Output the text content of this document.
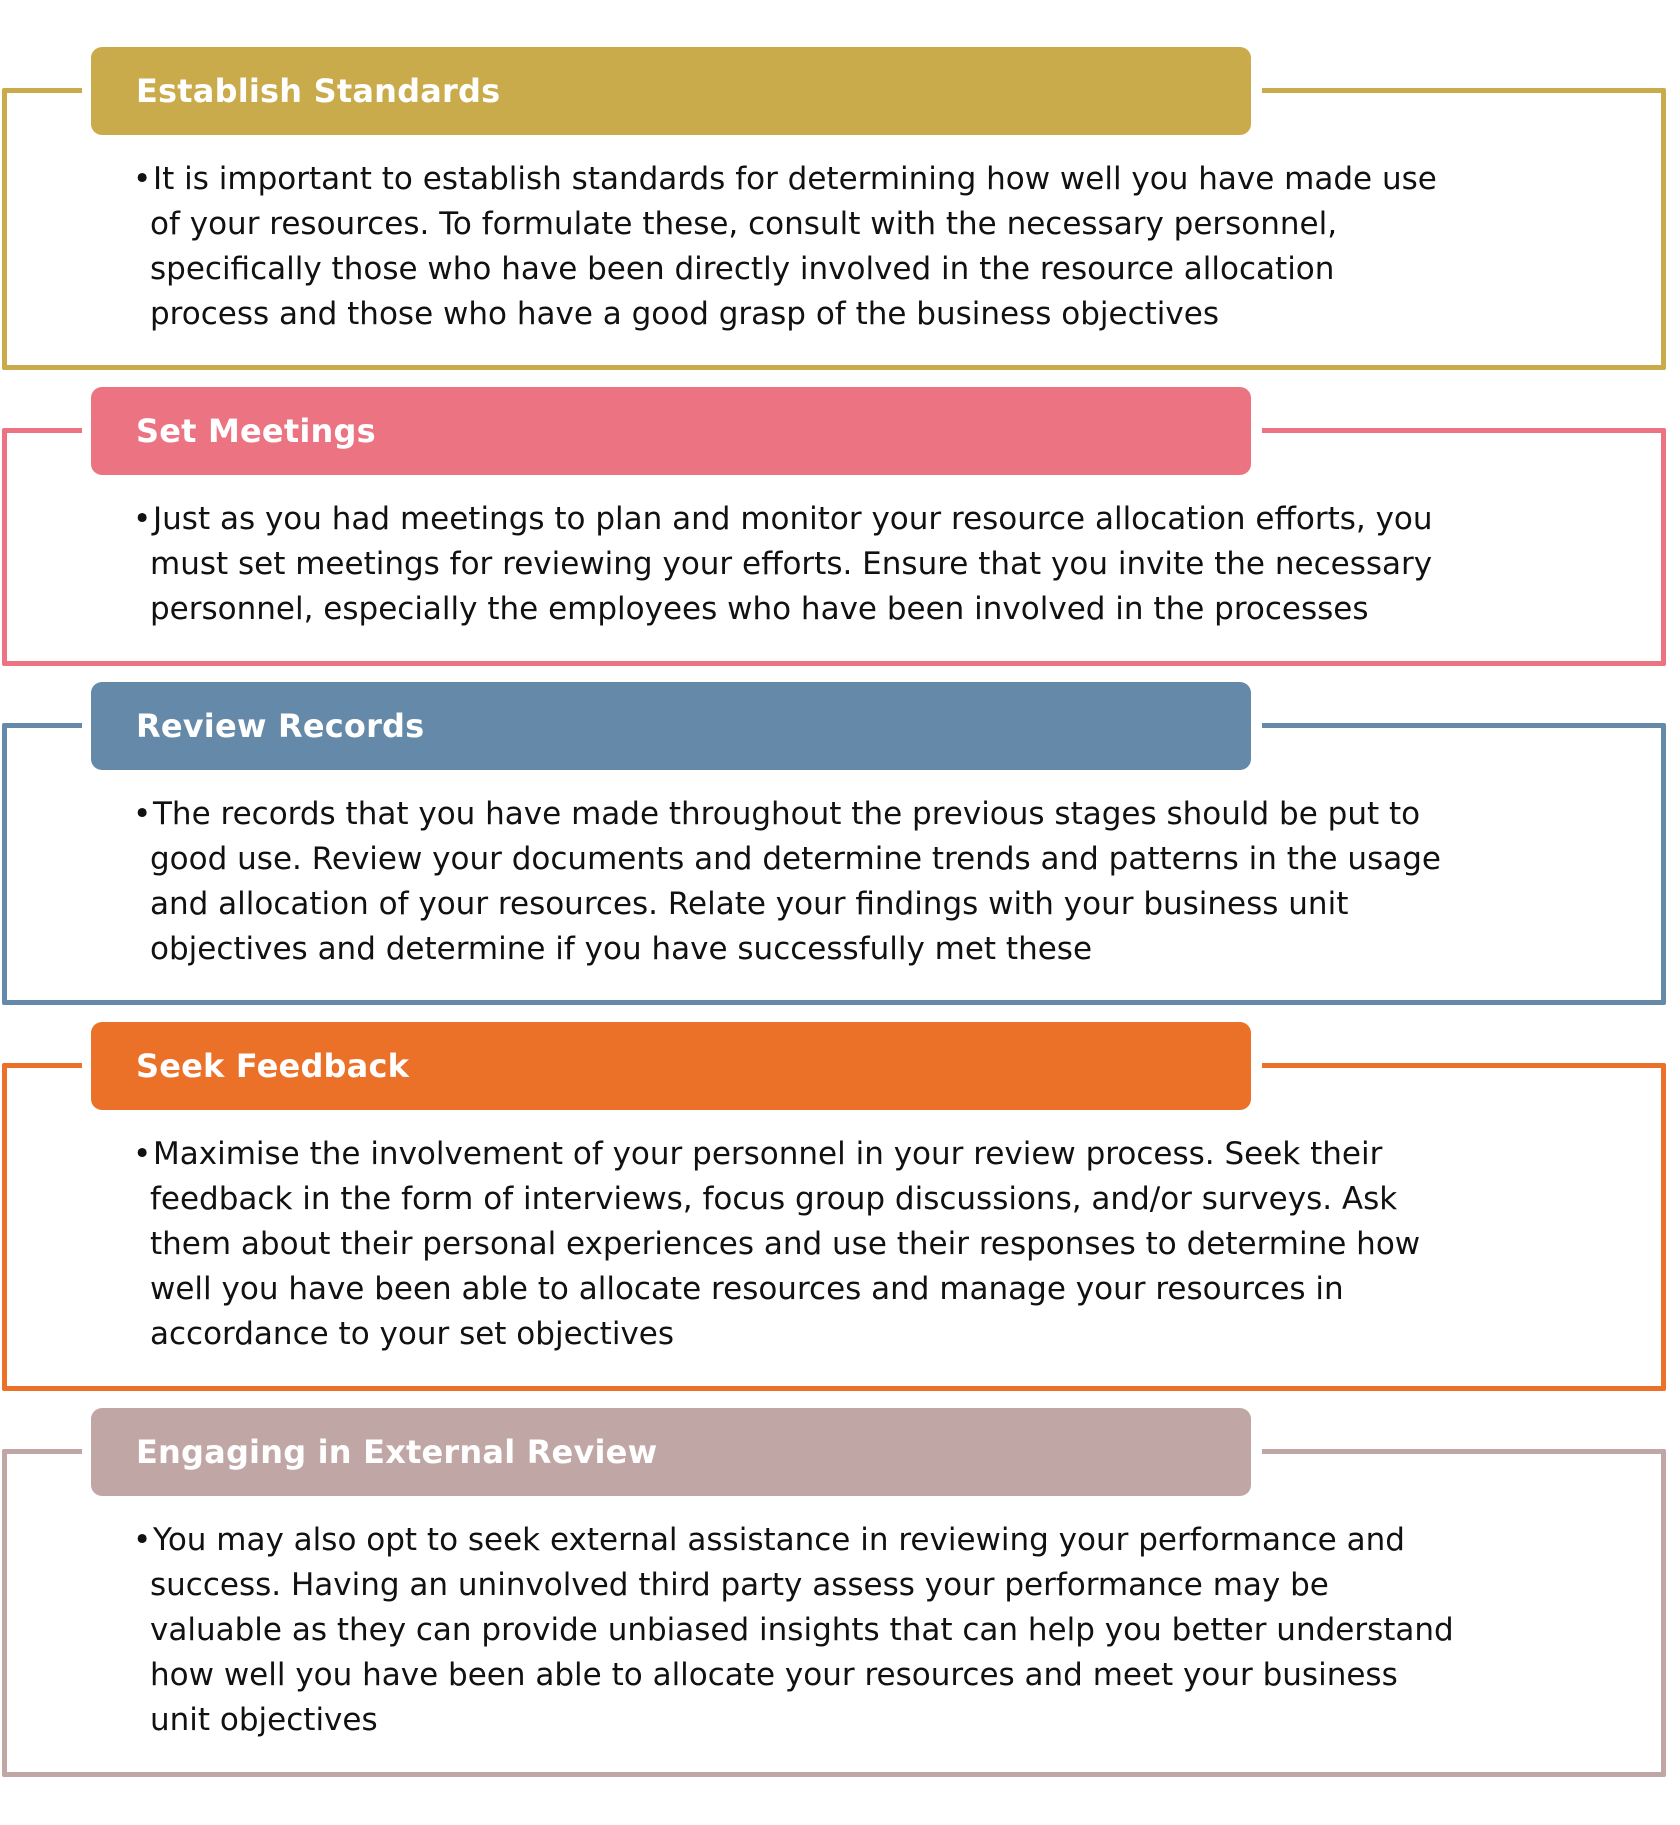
Establish Standards
•It is important to establish standards for determining how well you have made use
of your resources. To formulate these, consult with the necessary personnel,
specifically those who have been directly involved in the resource allocation
process and those who have a good grasp of the business objectives
Set Meetings
•Just as you had meetings to plan and monitor your resource allocation efforts, you
must set meetings for reviewing your efforts. Ensure that you invite the necessary
personnel, especially the employees who have been involved in the processes
Review Records
•The records that you have made throughout the previous stages should be put to
good use. Review your documents and determine trends and patterns in the usage
and allocation of your resources. Relate your findings with your business unit
objectives and determine if you have successfully met these
Seek Feedback
•Maximise the involvement of your personnel in your review process. Seek their
feedback in the form of interviews, focus group discussions, and/or surveys. Ask
them about their personal experiences and use their responses to determine how
well you have been able to allocate resources and manage your resources in
accordance to your set objectives
Engaging in External Review
•You may also opt to seek external assistance in reviewing your performance and
success. Having an uninvolved third party assess your performance may be
valuable as they can provide unbiased insights that can help you better understand
how well you have been able to allocate your resources and meet your business
unit objectives
